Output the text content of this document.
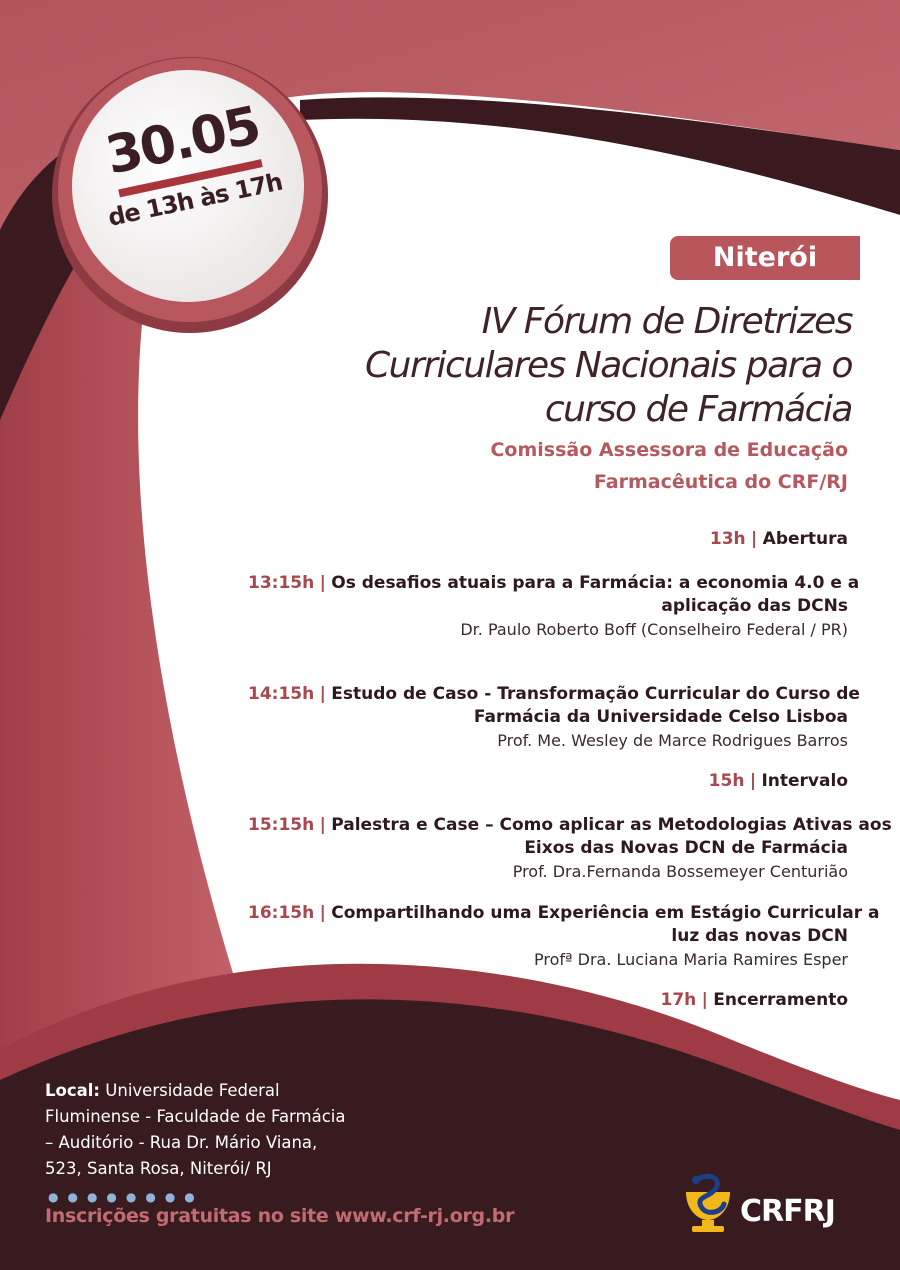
30.05
de 13h às 17h
Niterói
IV Fórum de Diretrizes
Curriculares Nacionais para o
curso de Farmácia
Comissão Assessora de Educação
Farmacêutica do CRF/RJ
13h | Abertura
13:15h | Os desafios atuais para a Farmácia: a economia 4.0 e a
aplicação das DCNs
Dr. Paulo Roberto Boff (Conselheiro Federal / PR)
14:15h | Estudo de Caso - Transformação Curricular do Curso de
Farmácia da Universidade Celso Lisboa
Prof. Me. Wesley de Marce Rodrigues Barros
15h | Intervalo
15:15h | Palestra e Case – Como aplicar as Metodologias Ativas aos
Eixos das Novas DCN de Farmácia
Prof. Dra.Fernanda Bossemeyer Centurião
16:15h | Compartilhando uma Experiência em Estágio Curricular a
luz das novas DCN
Profª Dra. Luciana Maria Ramires Esper
17h | Encerramento
Local: Universidade Federal
Fluminense - Faculdade de Farmácia
– Auditório - Rua Dr. Mário Viana,
523, Santa Rosa, Niterói/ RJ
●●●●●●●●
Inscrições gratuitas no site www.crf-rj.org.br	CRFRJ
